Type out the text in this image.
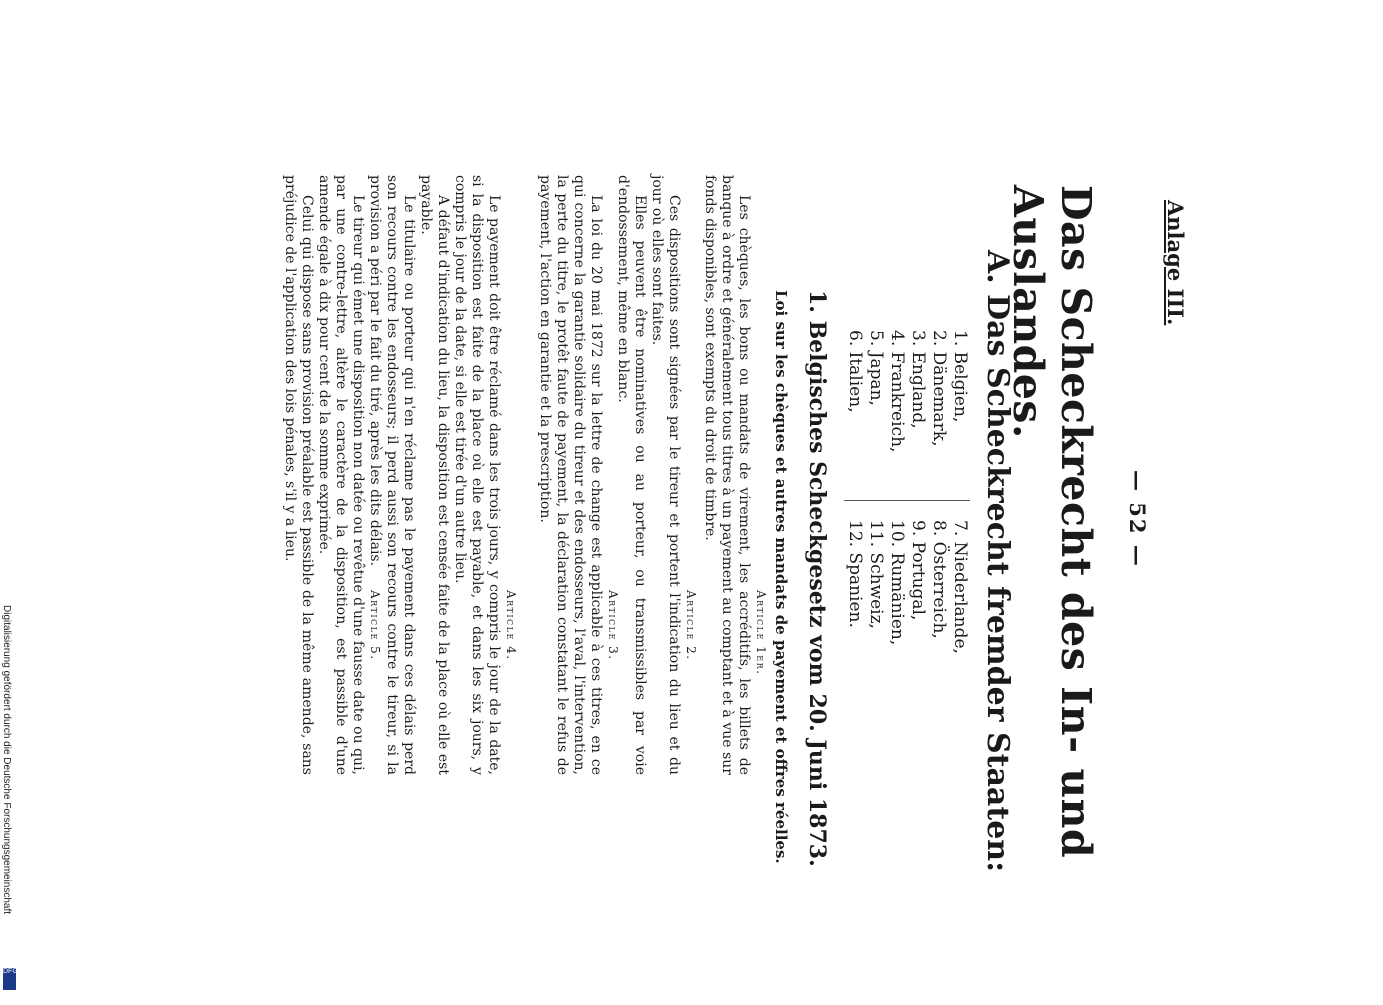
Anlage III.
— 52 —
Das Scheckrecht des In- und Auslandes.
A. Das Scheckrecht fremder Staaten:
1. Belgien,
2. Dänemark,
3. England,
4. Frankreich,
5. Japan,
6. Italien,
7. Niederlande,
8. Österreich,
9. Portugal,
10. Rumänien,
11. Schweiz,
12. Spanien.
1. Belgisches Scheckgesetz vom 20. Juni 1873.
Loi sur les chèques et autres mandats de payement et offres réelles.
Article 1er.

Les chèques, les bons ou mandats de virement, les accréditifs, les billets de banque à ordre et généralement tous titres à un payement au comptant et à vue sur fonds disponibles, sont exempts du droit de timbre.

Article 2.

Ces dispositions sont signées par le tireur et portent l'indication du lieu et du jour où elles sont faites.

Elles peuvent être nominatives ou au porteur, ou transmissibles par voie d'endossement, même en blanc.

Article 3.

La loi du 20 mai 1872 sur la lettre de change est applicable à ces titres, en ce qui concerne la garantie solidaire du tireur et des endosseurs, l'aval, l'intervention, la perte du titre, le protêt faute de payement, la déclaration constatant le refus de payement, l'action en garantie et la prescription.

Article 4.

Le payement doit être réclamé dans les trois jours, y compris le jour de la date, si la disposition est faite de la place où elle est payable, et dans les six jours, y compris le jour de la date, si elle est tirée d'un autre lieu.

A défaut d'indication du lieu, la disposition est censée faite de la place où elle est payable.

Le titulaire ou porteur qui n'en réclame pas le payement dans ces délais perd son recours contre les endosseurs; il perd aussi son recours contre le tireur, si la provision a péri par le fait du tiré, après les dits délais.

Article 5.

Le tireur qui émet une disposition non datée ou revêtue d'une fausse date ou qui, par une contre-lettre, altère le caractère de la disposition, est passible d'une amende égale à dix pour cent de la somme exprimée.

Celui qui dispose sans provision préalable est passible de la même amende, sans préjudice de l'application des lois pénales, s'il y a lieu.

Digitalisierung gefördert durch die Deutsche Forschungsgemeinschaft
DFG
